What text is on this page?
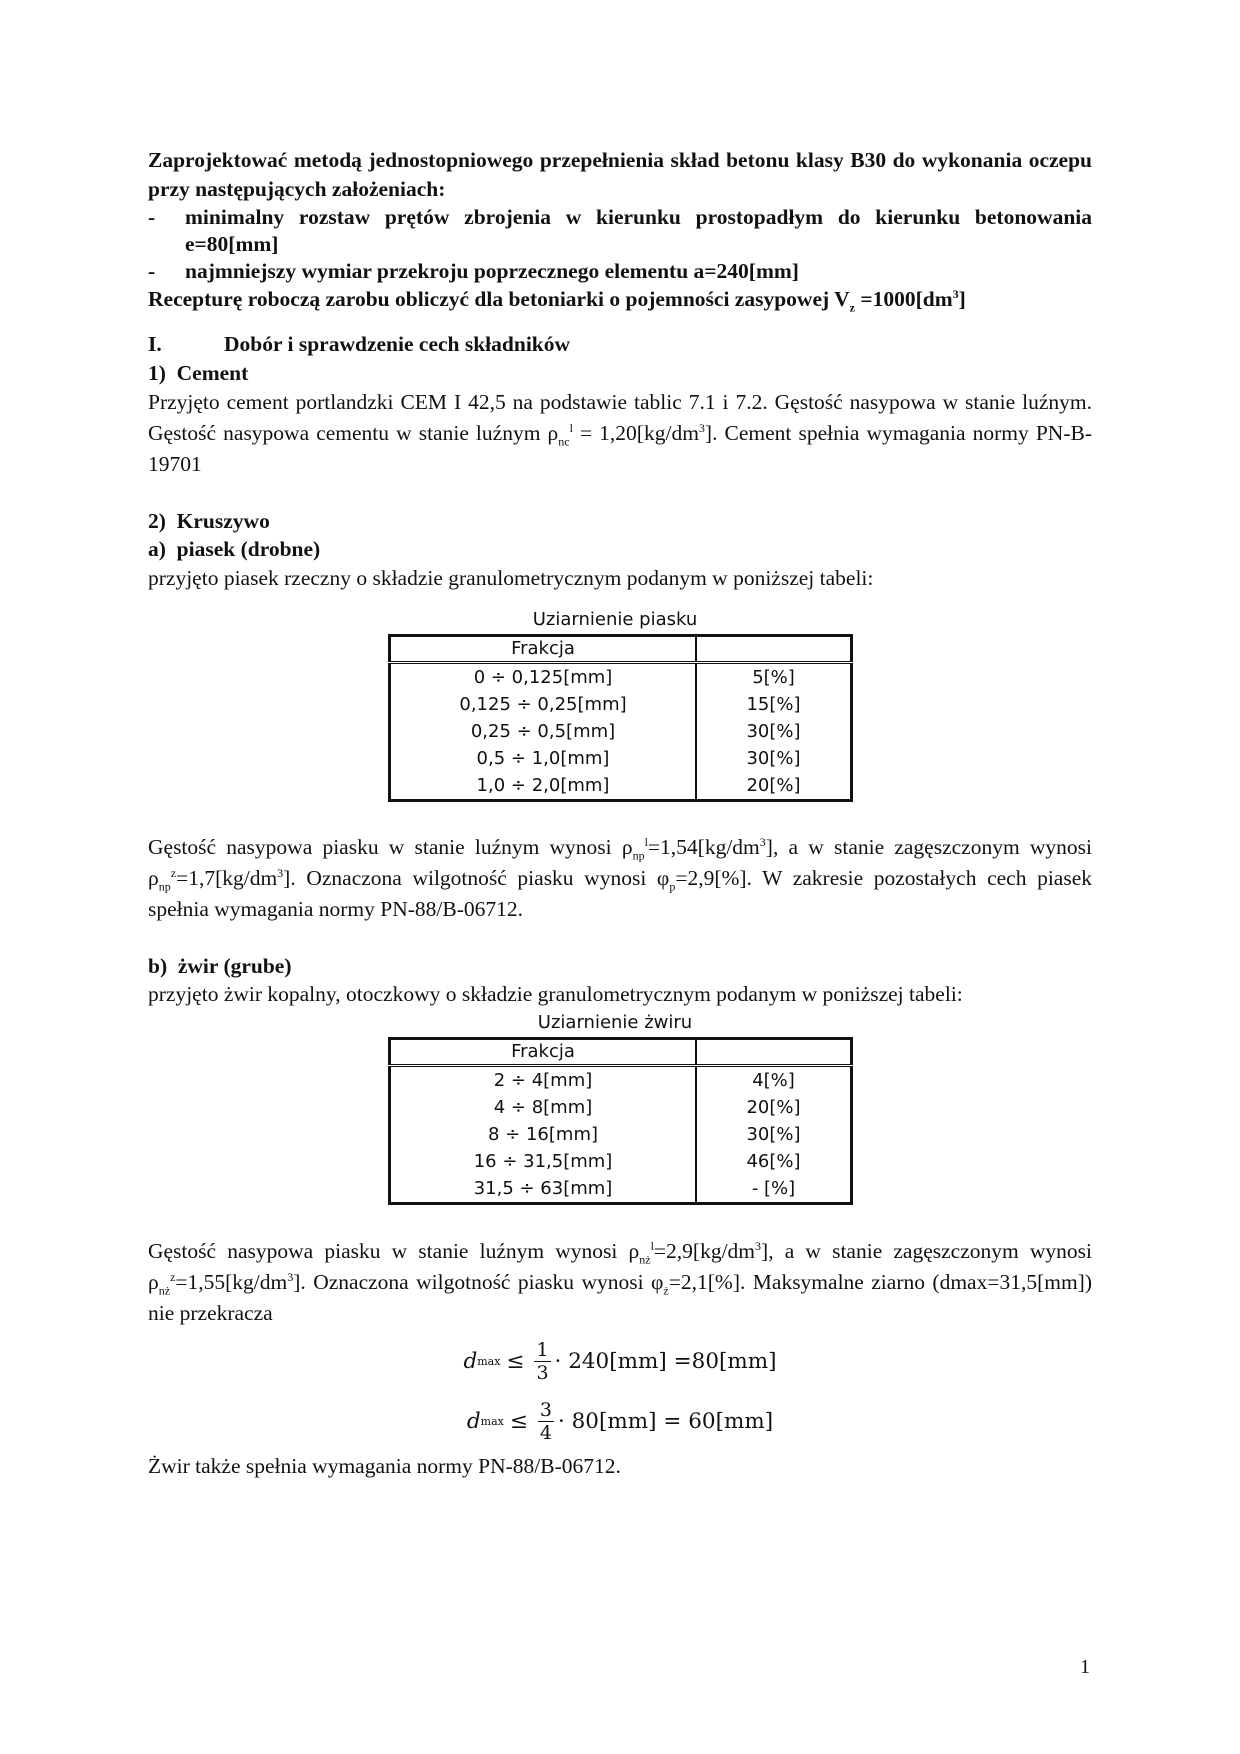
Zaprojektować metodą jednostopniowego przepełnienia skład betonu klasy B30 do wykonania oczepu przy następujących założeniach:

-	minimalny rozstaw prętów zbrojenia w kierunku prostopadłym do kierunku betonowania e=80[mm]
-	najmniejszy wymiar przekroju poprzecznego elementu a=240[mm]

Recepturę roboczą zarobu obliczyć dla betoniarki o pojemności zasypowej $V_z =1000[dm^3]$

I.	Dobór i sprawdzenie cech składników

1)  Cement

Przyjęto cement portlandzki CEM I 42,5 na podstawie tablic 7.1 i 7.2. Gęstość nasypowa w stanie luźnym. Gęstość nasypowa cementu w stanie luźnym $\rho_{nc}^l = 1,20[kg/dm^3]$. Cement spełnia wymagania normy PN-B-19701

2)  Kruszywo

a)  piasek (drobne)

przyjęto piasek rzeczny o składzie granulometrycznym podanym w poniższej tabeli:

Uziarnienie piasku
Frakcja	
0 ÷ 0,125[mm]	5[%]
0,125 ÷ 0,25[mm]	15[%]
0,25 ÷ 0,5[mm]	30[%]
0,5 ÷ 1,0[mm]	30[%]
1,0 ÷ 2,0[mm]	20[%]

Gęstość nasypowa piasku w stanie luźnym wynosi $\rho_{np}^l=1,54[kg/dm^3]$, a w stanie zagęszczonym wynosi $\rho_{np}^z=1,7[kg/dm^3]$. Oznaczona wilgotność piasku wynosi $\varphi_p=2,9[\%]$. W zakresie pozostałych cech piasek spełnia wymagania normy PN-88/B-06712.

b)  żwir (grube)

przyjęto żwir kopalny, otoczkowy o składzie granulometrycznym podanym w poniższej tabeli:

Uziarnienie żwiru
Frakcja	
2 ÷ 4[mm]	4[%]
4 ÷ 8[mm]	20[%]
8 ÷ 16[mm]	30[%]
16 ÷ 31,5[mm]	46[%]
31,5 ÷ 63[mm]	- [%]

Gęstość nasypowa piasku w stanie luźnym wynosi $\rho_{nż}^l=2,9[kg/dm^3]$, a w stanie zagęszczonym wynosi $\rho_{nż}^z=1,55[kg/dm^3]$. Oznaczona wilgotność piasku wynosi $\varphi_ż=2,1[\%]$. Maksymalne ziarno (dmax=31,5[mm]) nie przekracza

d $\max \le \frac{1}{3} \cdot 240[mm] =80[mm]$
d $\max \le \frac{3}{4} \cdot 80[mm] = 60[mm]$

Żwir także spełnia wymagania normy PN-88/B-06712.

1
